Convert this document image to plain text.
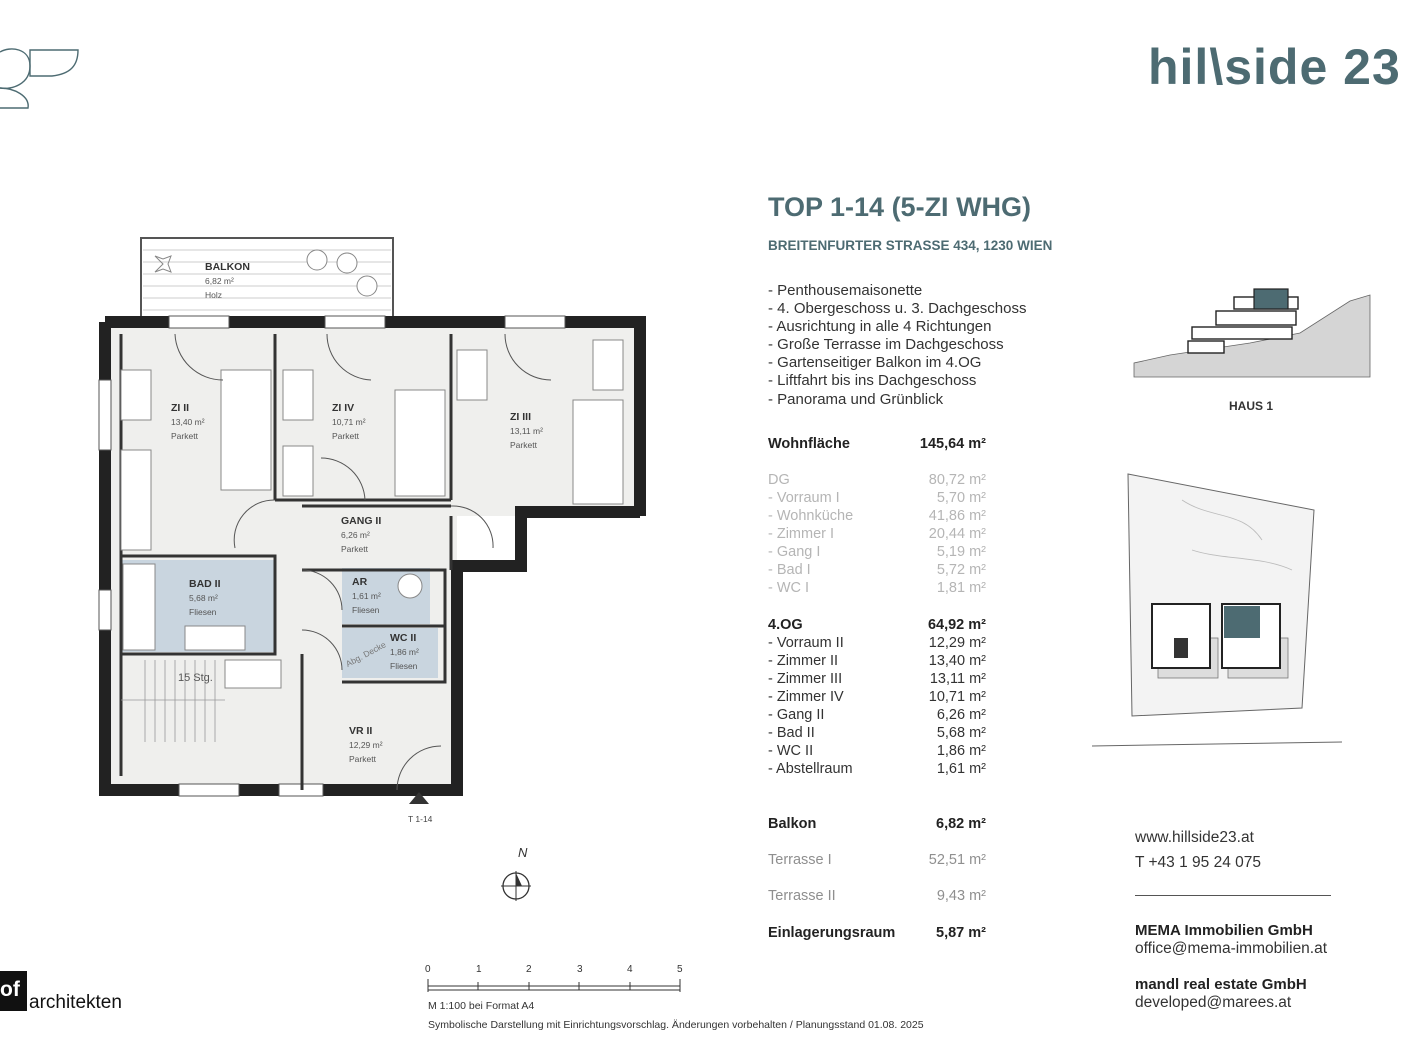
hil\side 23
BALKON
6,82 m²
Holz
ZI II
13,40 m²
Parkett
ZI IV
10,71 m²
Parkett
ZI III
13,11 m²
Parkett
GANG II
6,26 m²
Parkett
BAD II
5,68 m²
Fliesen
AR
1,61 m²
Fliesen
WC II
1,86 m²
Fliesen
Abg. Decke
VR II
12,29 m²
Parkett
15 Stg.
T 1-14
N
0	1	2	3	4	5
M 1:100 bei Format A4
Symbolische Darstellung mit Einrichtungsvorschlag. Änderungen vorbehalten / Planungsstand 01.08. 2025
of
architekten
TOP 1-14 (5-ZI WHG)
BREITENFURTER STRASSE 434, 1230 WIEN
- Penthousemaisonette
- 4. Obergeschoss u. 3. Dachgeschoss
- Ausrichtung in alle 4 Richtungen
- Große Terrasse im Dachgeschoss
- Gartenseitiger Balkon im 4.OG
- Liftfahrt bis ins Dachgeschoss
- Panorama und Grünblick
Wohnfläche	145,64 m²
DG	80,72 m²
- Vorraum I	5,70 m²
- Wohnküche	41,86 m²
- Zimmer I	20,44 m²
- Gang I	5,19 m²
- Bad I	5,72 m²
- WC I	1,81 m²
4.OG	64,92 m²
- Vorraum II	12,29 m²
- Zimmer II	13,40 m²
- Zimmer III	13,11 m²
- Zimmer IV	10,71 m²
- Gang II	6,26 m²
- Bad II	5,68 m²
- WC II	1,86 m²
- Abstellraum	1,61 m²
Balkon	6,82 m²
Terrasse I	52,51 m²
Terrasse II	9,43 m²
Einlagerungsraum	5,87 m²
HAUS 1
www.hillside23.at
T +43 1 95 24 075
MEMA Immobilien GmbH
office@mema-immobilien.at
mandl real estate GmbH
developed@marees.at
